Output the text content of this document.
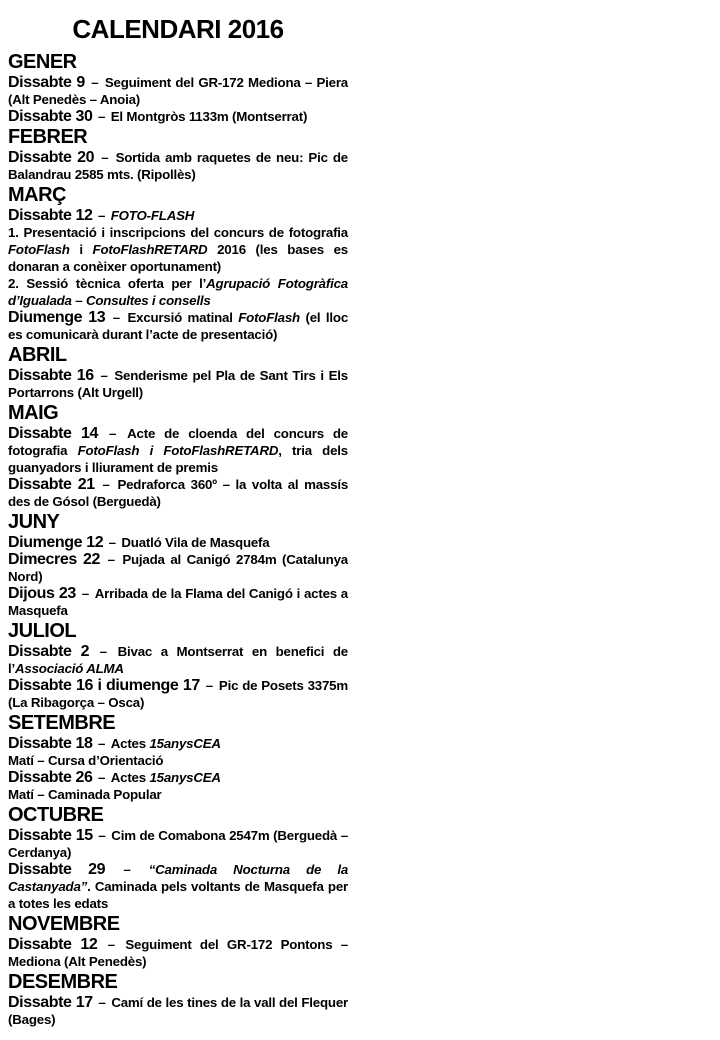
CALENDARI 2016
GENER

Dissabte 9 – Seguiment del GR-172 Mediona – Piera (Alt Penedès – Anoia)

Dissabte 30 – El Montgròs 1133m (Montserrat)

FEBRER

Dissabte 20 – Sortida amb raquetes de neu: Pic de Balandrau 2585 mts. (Ripollès)

MARÇ

Dissabte 12 – FOTO-FLASH

1. Presentació i inscripcions del concurs de fotografia FotoFlash i FotoFlashRETARD 2016 (les bases es donaran a conèixer oportunament)

2. Sessió tècnica oferta per l’Agrupació Fotogràfica d’Igualada – Consultes i consells

Diumenge 13 – Excursió matinal FotoFlash (el lloc es comunicarà durant l’acte de presentació)

ABRIL

Dissabte 16 – Senderisme pel Pla de Sant Tirs i Els Portarrons (Alt Urgell)

MAIG

Dissabte 14 – Acte de cloenda del concurs de fotografia FotoFlash i FotoFlashRETARD, tria dels guanyadors i lliurament de premis

Dissabte 21 – Pedraforca 360º – la volta al massís des de Gósol (Berguedà)

JUNY

Diumenge 12 – Duatló Vila de Masquefa

Dimecres 22 – Pujada al Canigó 2784m (Catalunya Nord)

Dijous 23 – Arribada de la Flama del Canigó i actes a Masquefa

JULIOL

Dissabte 2 – Bivac a Montserrat en benefici de l’Associació ALMA

Dissabte 16 i diumenge 17 – Pic de Posets 3375m (La Ribagorça – Osca)

SETEMBRE

Dissabte 18 – Actes 15anysCEA

Matí – Cursa d’Orientació

Dissabte 26 – Actes 15anysCEA

Matí – Caminada Popular

OCTUBRE

Dissabte 15 – Cim de Comabona 2547m (Berguedà – Cerdanya)

Dissabte 29 – “Caminada Nocturna de la Castanyada”. Caminada pels voltants de Masquefa per a totes les edats

NOVEMBRE

Dissabte 12 – Seguiment del GR-172 Pontons – Mediona (Alt Penedès)

DESEMBRE

Dissabte 17 – Camí de les tines de la vall del Flequer (Bages)
